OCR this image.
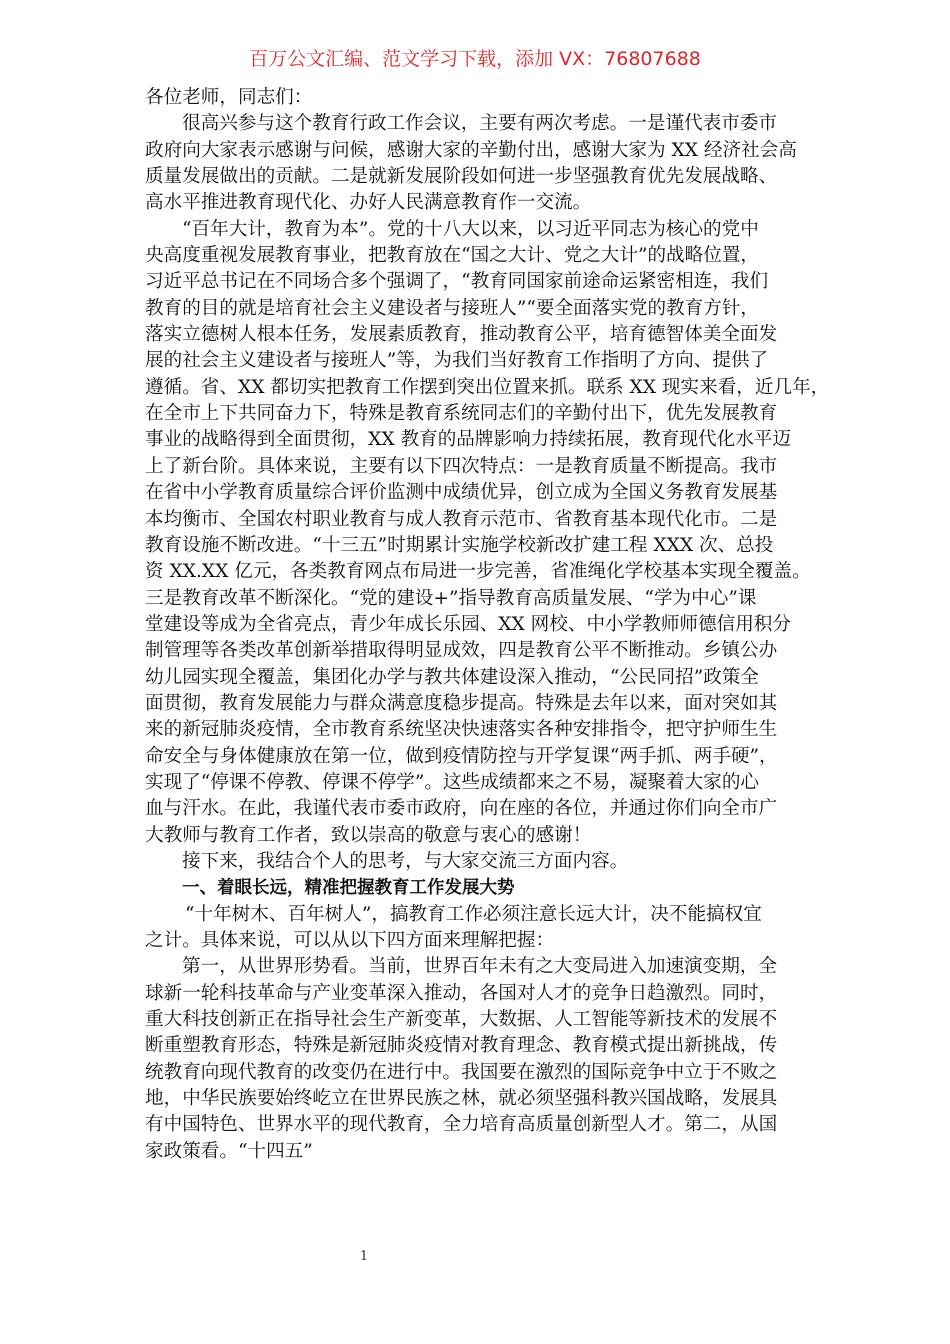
百万公文汇编、范文学习下载，添加 VX：76807688
各位老师，同志们：
很高兴参与这个教育行政工作会议，主要有两次考虑。一是谨代表市委市
政府向大家表示感谢与问候，感谢大家的辛勤付出，感谢大家为 XX 经济社会高
质量发展做出的贡献。二是就新发展阶段如何进一步坚强教育优先发展战略、
高水平推进教育现代化、办好人民满意教育作一交流。
“百年大计，教育为本”。党的十八大以来，以习近平同志为核心的党中
央高度重视发展教育事业，把教育放在“国之大计、党之大计”的战略位置，
习近平总书记在不同场合多个强调了，“教育同国家前途命运紧密相连，我们
教育的目的就是培育社会主义建设者与接班人”“要全面落实党的教育方针，
落实立德树人根本任务，发展素质教育，推动教育公平，培育德智体美全面发
展的社会主义建设者与接班人”等，为我们当好教育工作指明了方向、提供了
遵循。省、XX 都切实把教育工作摆到突出位置来抓。联系 XX 现实来看，近几年，
在全市上下共同奋力下，特殊是教育系统同志们的辛勤付出下，优先发展教育
事业的战略得到全面贯彻，XX 教育的品牌影响力持续拓展，教育现代化水平迈
上了新台阶。具体来说，主要有以下四次特点：一是教育质量不断提高。我市
在省中小学教育质量综合评价监测中成绩优异，创立成为全国义务教育发展基
本均衡市、全国农村职业教育与成人教育示范市、省教育基本现代化市。二是
教育设施不断改进。“十三五”时期累计实施学校新改扩建工程 XXX 次、总投
资 XX.XX 亿元，各类教育网点布局进一步完善，省准绳化学校基本实现全覆盖。
三是教育改革不断深化。“党的建设+”指导教育高质量发展、“学为中心”课
堂建设等成为全省亮点，青少年成长乐园、XX 网校、中小学教师师德信用积分
制管理等各类改革创新举措取得明显成效，四是教育公平不断推动。乡镇公办
幼儿园实现全覆盖，集团化办学与教共体建设深入推动，“公民同招”政策全
面贯彻，教育发展能力与群众满意度稳步提高。特殊是去年以来，面对突如其
来的新冠肺炎疫情，全市教育系统坚决快速落实各种安排指令，把守护师生生
命安全与身体健康放在第一位，做到疫情防控与开学复课“两手抓、两手硬”，
实现了“停课不停教、停课不停学”。这些成绩都来之不易，凝聚着大家的心
血与汗水。在此，我谨代表市委市政府，向在座的各位，并通过你们向全市广
大教师与教育工作者，致以崇高的敬意与衷心的感谢！
接下来，我结合个人的思考，与大家交流三方面内容。
一、着眼长远，精准把握教育工作发展大势
“十年树木、百年树人”，搞教育工作必须注意长远大计，决不能搞权宜
之计。具体来说，可以从以下四方面来理解把握：
第一，从世界形势看。当前，世界百年未有之大变局进入加速演变期，全
球新一轮科技革命与产业变革深入推动，各国对人才的竞争日趋激烈。同时，
重大科技创新正在指导社会生产新变革，大数据、人工智能等新技术的发展不
断重塑教育形态，特殊是新冠肺炎疫情对教育理念、教育模式提出新挑战，传
统教育向现代教育的改变仍在进行中。我国要在激烈的国际竞争中立于不败之
地，中华民族要始终屹立在世界民族之林，就必须坚强科教兴国战略，发展具
有中国特色、世界水平的现代教育，全力培育高质量创新型人才。第二，从国
家政策看。“十四五”
1
